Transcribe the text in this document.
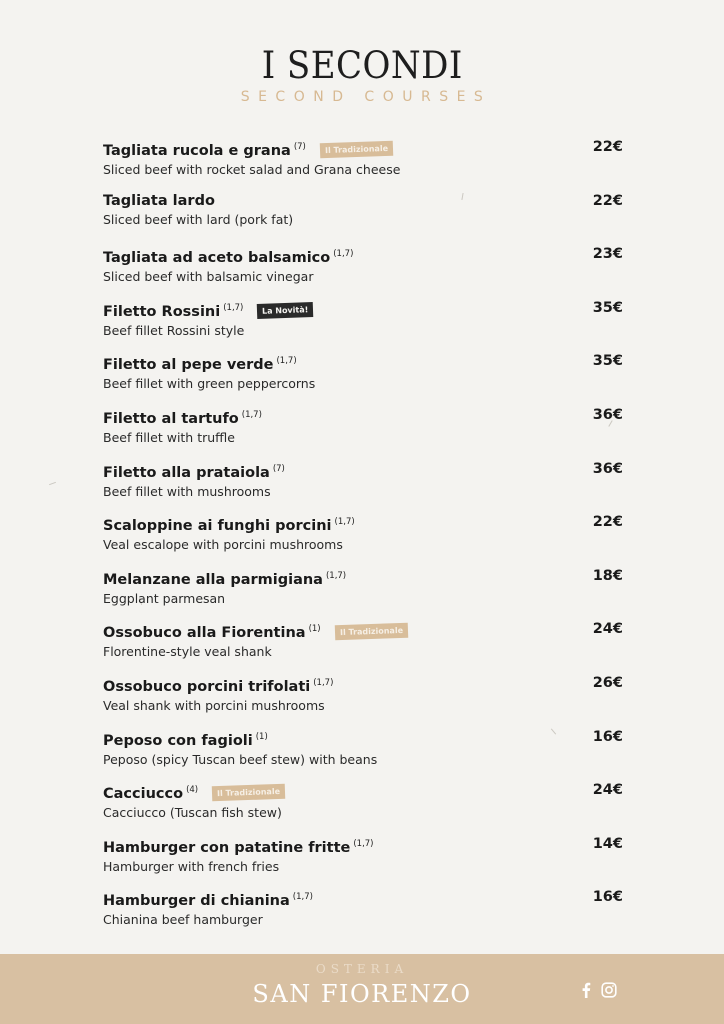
I SECONDI
SECOND COURSES
Tagliata rucola e grana $^{(7)}$ Il Tradizionale
Sliced beef with rocket salad and Grana cheese
22€
Tagliata lardo
Sliced beef with lard (pork fat)
22€
Tagliata ad aceto balsamico $^{(1,7)}$
Sliced beef with balsamic vinegar
23€
Filetto Rossini $^{(1,7)}$ La Novità!
Beef fillet Rossini style
35€
Filetto al pepe verde $^{(1,7)}$
Beef fillet with green peppercorns
35€
Filetto al tartufo $^{(1,7)}$
Beef fillet with truffle
36€
Filetto alla prataiola $^{(7)}$
Beef fillet with mushrooms
36€
Scaloppine ai funghi porcini $^{(1,7)}$
Veal escalope with porcini mushrooms
22€
Melanzane alla parmigiana $^{(1,7)}$
Eggplant parmesan
18€
Ossobuco alla Fiorentina $^{(1)}$ Il Tradizionale
Florentine-style veal shank
24€
Ossobuco porcini trifolati $^{(1,7)}$
Veal shank with porcini mushrooms
26€
Peposo con fagioli $^{(1)}$
Peposo (spicy Tuscan beef stew) with beans
16€
Cacciucco $^{(4)}$ Il Tradizionale
Cacciucco (Tuscan fish stew)
24€
Hamburger con patatine fritte $^{(1,7)}$
Hamburger with french fries
14€
Hamburger di chianina $^{(1,7)}$
Chianina beef hamburger
16€
OSTERIA
SAN FIORENZO
